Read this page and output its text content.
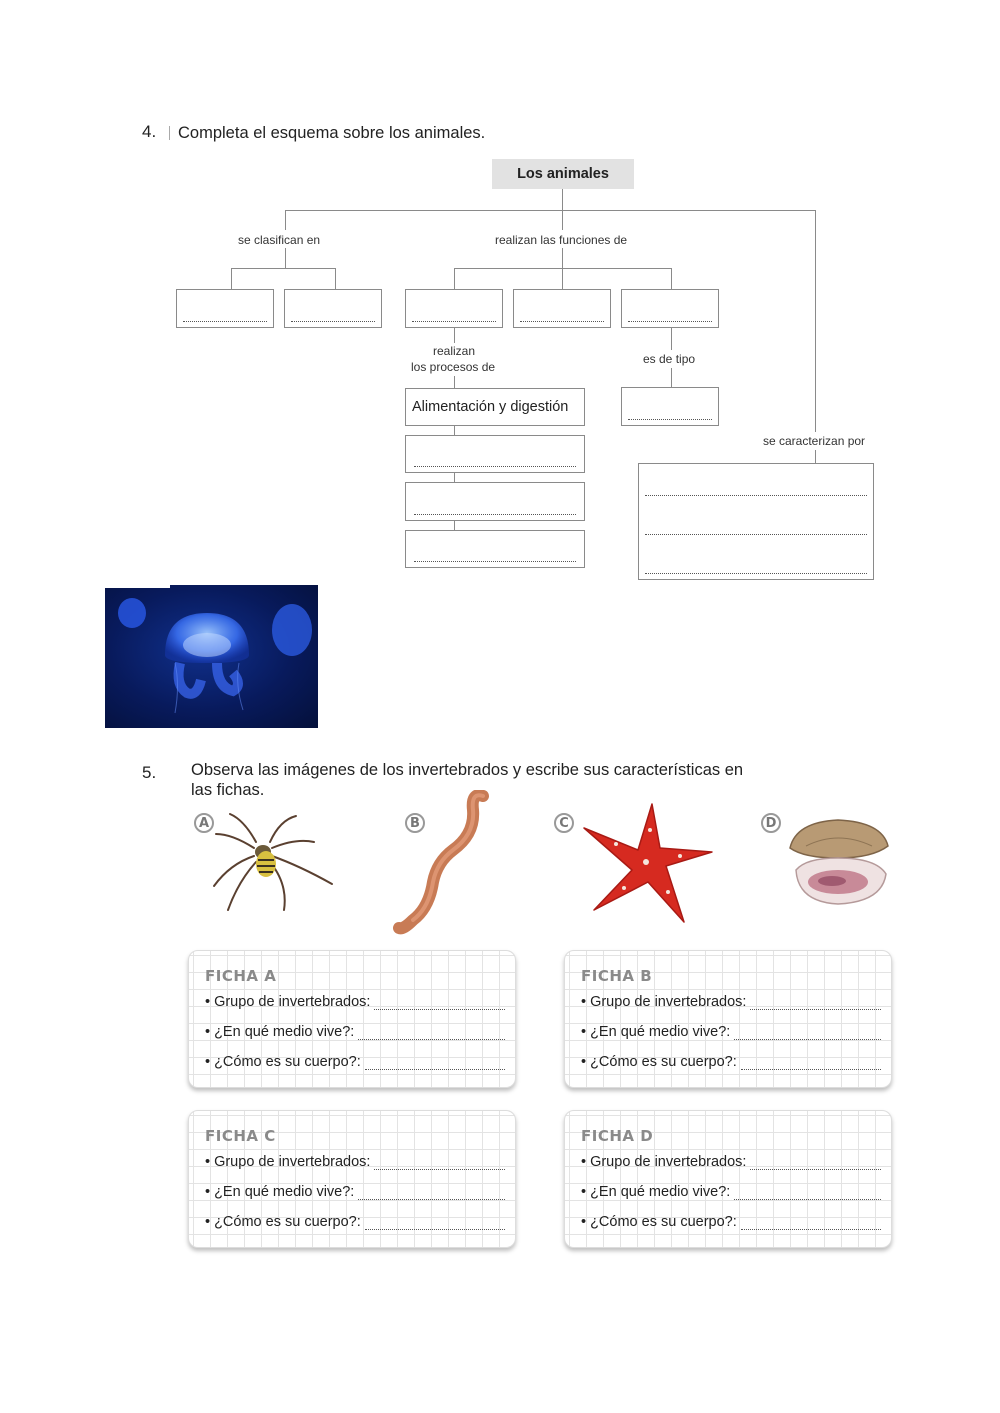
4. Completa el esquema sobre los animales.
Los animales
se clasifican en	realizan las funciones de
realizan
los procesos de
Alimentación y digestión
es de tipo
se caracterizan por
5. Observa las imágenes de los invertebrados y escribe sus características en
las fichas.
A	B	C	D
FICHA A
• Grupo de invertebrados:
• ¿En qué medio vive?:
• ¿Cómo es su cuerpo?:
FICHA B
• Grupo de invertebrados:
• ¿En qué medio vive?:
• ¿Cómo es su cuerpo?:
FICHA C
• Grupo de invertebrados:
• ¿En qué medio vive?:
• ¿Cómo es su cuerpo?:
FICHA D
• Grupo de invertebrados:
• ¿En qué medio vive?:
• ¿Cómo es su cuerpo?:
